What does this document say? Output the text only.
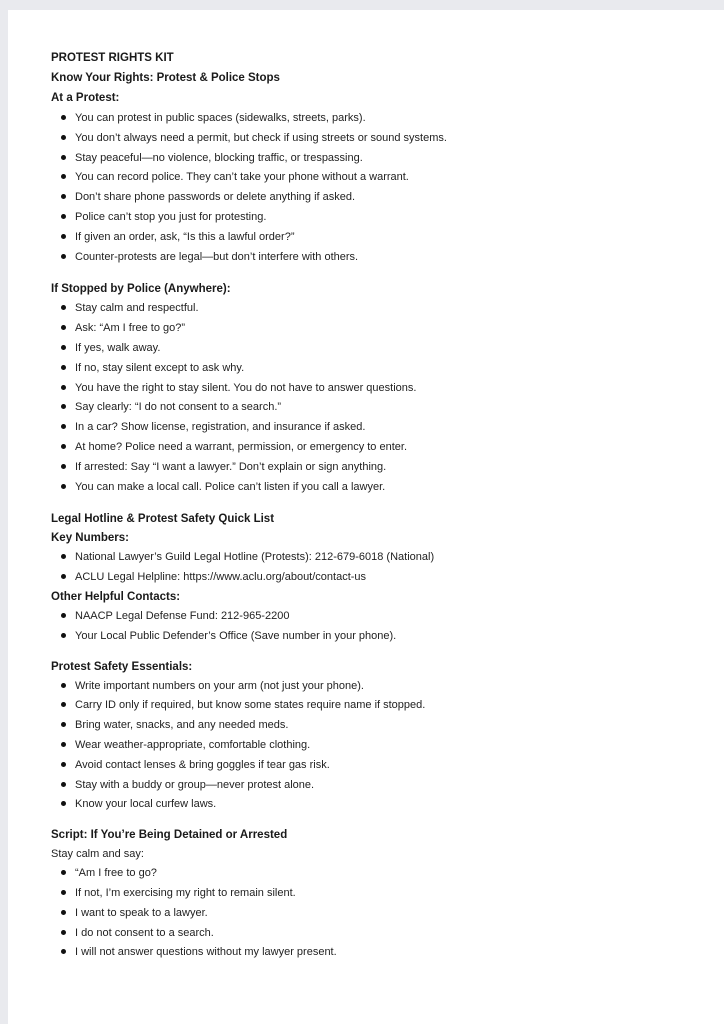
PROTEST RIGHTS KIT
Know Your Rights: Protest & Police Stops
At a Protest:
You can protest in public spaces (sidewalks, streets, parks).
You don’t always need a permit, but check if using streets or sound systems.
Stay peaceful—no violence, blocking traffic, or trespassing.
You can record police. They can’t take your phone without a warrant.
Don’t share phone passwords or delete anything if asked.
Police can’t stop you just for protesting.
If given an order, ask, “Is this a lawful order?”
Counter-protests are legal—but don’t interfere with others.
If Stopped by Police (Anywhere):
Stay calm and respectful.
Ask: “Am I free to go?”
If yes, walk away.
If no, stay silent except to ask why.
You have the right to stay silent. You do not have to answer questions.
Say clearly: “I do not consent to a search.”
In a car? Show license, registration, and insurance if asked.
At home? Police need a warrant, permission, or emergency to enter.
If arrested: Say “I want a lawyer.” Don’t explain or sign anything.
You can make a local call. Police can’t listen if you call a lawyer.
Legal Hotline & Protest Safety Quick List
Key Numbers:
National Lawyer’s Guild Legal Hotline (Protests): 212-679-6018 (National)
ACLU Legal Helpline: https://www.aclu.org/about/contact-us
Other Helpful Contacts:
NAACP Legal Defense Fund: 212-965-2200
Your Local Public Defender’s Office (Save number in your phone).
Protest Safety Essentials:
Write important numbers on your arm (not just your phone).
Carry ID only if required, but know some states require name if stopped.
Bring water, snacks, and any needed meds.
Wear weather-appropriate, comfortable clothing.
Avoid contact lenses & bring goggles if tear gas risk.
Stay with a buddy or group—never protest alone.
Know your local curfew laws.
Script: If You’re Being Detained or Arrested
Stay calm and say:
“Am I free to go?
If not, I’m exercising my right to remain silent.
I want to speak to a lawyer.
I do not consent to a search.
I will not answer questions without my lawyer present.
